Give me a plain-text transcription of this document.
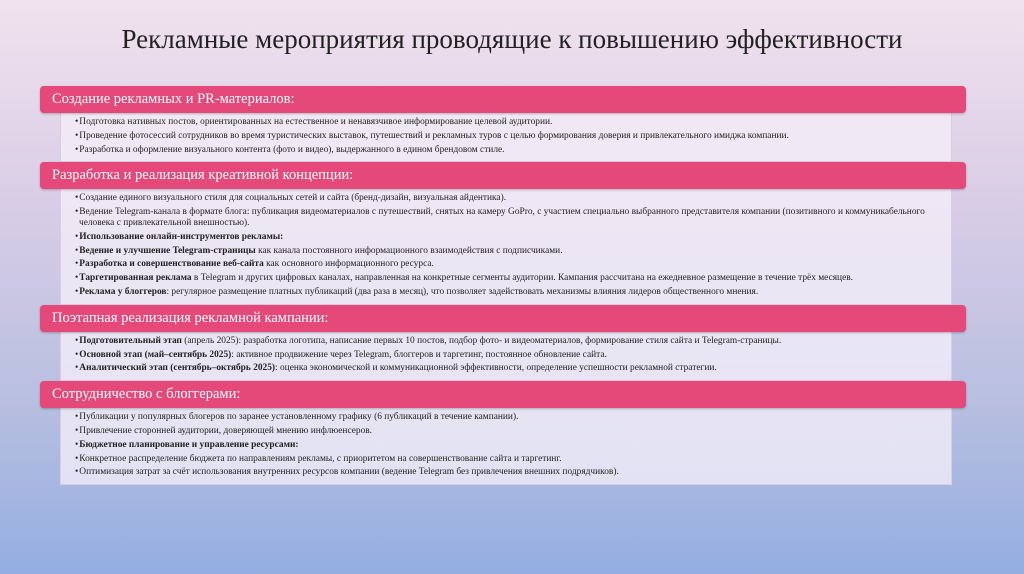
Рекламные мероприятия проводящие к повышению эффективности
Создание рекламных и PR-материалов:
• Подготовка нативных постов, ориентированных на естественное и ненавязчивое информирование целевой аудитории.
• Проведение фотосессий сотрудников во время туристических выставок, путешествий и рекламных туров с целью формирования доверия и привлекательного имиджа компании.
• Разработка и оформление визуального контента (фото и видео), выдержанного в едином брендовом стиле.
Разработка и реализация креативной концепции:
• Создание единого визуального стиля для социальных сетей и сайта (бренд-дизайн, визуальная айдентика).
• Ведение Telegram-канала в формате блога: публикация видеоматериалов с путешествий, снятых на камеру GoPro, с участием специально выбранного представителя компании (позитивного и коммуникабельного человека с привлекательной внешностью).
• Использование онлайн-инструментов рекламы:
• Ведение и улучшение Telegram-страницы как канала постоянного информационного взаимодействия с подписчиками.
• Разработка и совершенствование веб-сайта как основного информационного ресурса.
• Таргетированная реклама в Telegram и других цифровых каналах, направленная на конкретные сегменты аудитории. Кампания рассчитана на ежедневное размещение в течение трёх месяцев.
• Реклама у блоггеров: регулярное размещение платных публикаций (два раза в месяц), что позволяет задействовать механизмы влияния лидеров общественного мнения.
Поэтапная реализация рекламной кампании:
• Подготовительный этап (апрель 2025): разработка логотипа, написание первых 10 постов, подбор фото- и видеоматериалов, формирование стиля сайта и Telegram-страницы.
• Основной этап (май–сентябрь 2025): активное продвижение через Telegram, блоггеров и таргетинг, постоянное обновление сайта.
• Аналитический этап (сентябрь–октябрь 2025): оценка экономической и коммуникационной эффективности, определение успешности рекламной стратегии.
Сотрудничество с блоггерами:
• Публикации у популярных блогеров по заранее установленному графику (6 публикаций в течение кампании).
• Привлечение сторонней аудитории, доверяющей мнению инфлюенсеров.
• Бюджетное планирование и управление ресурсами:
• Конкретное распределение бюджета по направлениям рекламы, с приоритетом на совершенствование сайта и таргетинг.
• Оптимизация затрат за счёт использования внутренних ресурсов компании (ведение Telegram без привлечения внешних подрядчиков).
